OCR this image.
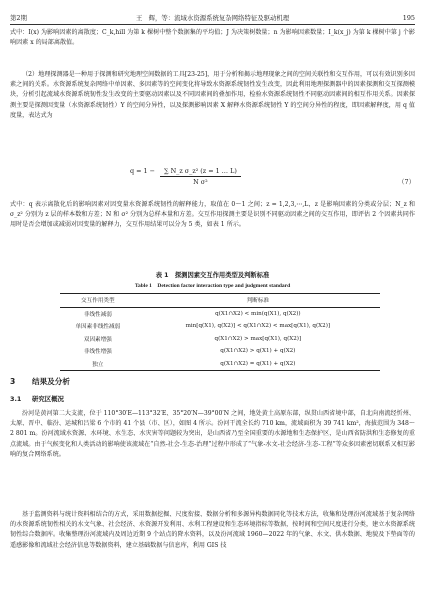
第2期	王　辉，等：流域水资源系统复杂网络特征及驱动机理	195

式中：I(x) 为影响因素的离散度；C_k,hill 为第 k 棵树中整个数据集的平均值；J 为决策树数量；n 为影响因素数量；I_k(x_j) 为第 k 棵树中第 j 个影响因素 x 的局部离散值。

（2）地理探测器是一种用于探测和研究地理空间数据的工具[23-25]，用于分析和揭示地理现象之间的空间关联性和交互作用，可以有效识别多因素之间的关系。水资源系统复杂网络中单因素、多因素等的空间变化将导致水资源系统韧性发生改变，因此利用地理探测器中的因素探测和交互探测模块，分析引起流域水资源系统韧性发生改变的主要驱动因素以及不同因素间的叠加作用，检验水资源系统韧性不同驱动因素间的相互作用关系。因素探测主要是探测因变量（水资源系统韧性）Y 的空间分异性，以及探测影响因素 X 解释水资源系统韧性 Y 的空间分异性的程度，即因素解释度，用 q 值度量，表达式为

$q = 1 - \frac{\text{∑ N\_z σ\_z² (z = 1 … L)}}{\text{N σ²}}$	（7）

式中：q 表示离散化后的影响因素对因变量水资源系统韧性的解释能力，取值在 0～1 之间；z = 1,2,3,⋯,L，z 是影响因素的分类或分层；N_z 和 σ_z² 分别为 z 层的样本数和方差；N 和 σ² 分别为总样本量和方差。交互作用探测主要是识别不同驱动因素之间的交互作用，即评估 2 个因素共同作用时是否会增加或减弱对因变量的解释力，交互作用结果可以分为 5 类，如表 1 所示。

表 1　探测因素交互作用类型及判断标准

Table 1　Detection factor interaction type and judgment standard

交互作用类型	判断标准
非线性减弱	q(X1∩X2) < min(q(X1), q(X2))
单因素非线性减弱	min[q(X1), q(X2)] < q(X1∩X2) < max[q(X1), q(X2)]
双因素增强	q(X1∩X2) > max[q(X1), q(X2)]
非线性增强	q(X1∩X2) > q(X1) + q(X2)
独立	q(X1∩X2) = q(X1) + q(X2)
3 结果及分析
3.1 研究区概况

汾河是黄河第二大支流，位于 110°30′E—113°32′E、35°20′N—39°00′N 之间，地处黄土高原东部，纵贯山西省境中部，自北向南流经忻州、太原、晋中、临汾、运城和吕梁 6 个市的 41 个县（市、区），如图 4 所示。汾河干流全长约 710 km，流域面积为 39 741 km²，海拔范围为 348～2 801 m。汾河流域水资源、水环境、水生态、水灾害等问题较为突出，是山西省乃至全国重要的水源地和生态保护区，是山西省防洪和生态修复的重点流域。由于气候变化和人类活动的影响使该流域在“自然-社会-生态-治理”过程中形成了“气象-水文-社会经济-生态-工程”等众多因素密切联系又相互影响的复合网络系统。

基于监测资料与统计资料相结合的方式，采用数据挖掘、尺度衔接、数据分析和多源异构数据同化等技术方法，收集和处理汾河流域基于复杂网络的水资源系统韧性相关的水文气象、社会经济、水资源开发利用、水利工程建设和生态环境指标等数据，按时间和空间尺度进行分类，建立水资源系统韧性综合数据库。收集整理汾河流域内及周边近期 9 个站点的降水资料，以及汾河流域 1960—2022 年的气象、水文、供水数据、地貌及下垫面等的遥感影像和流域社会经济信息等数据资料，建立基础数据与信息库，利用 GIS 技
